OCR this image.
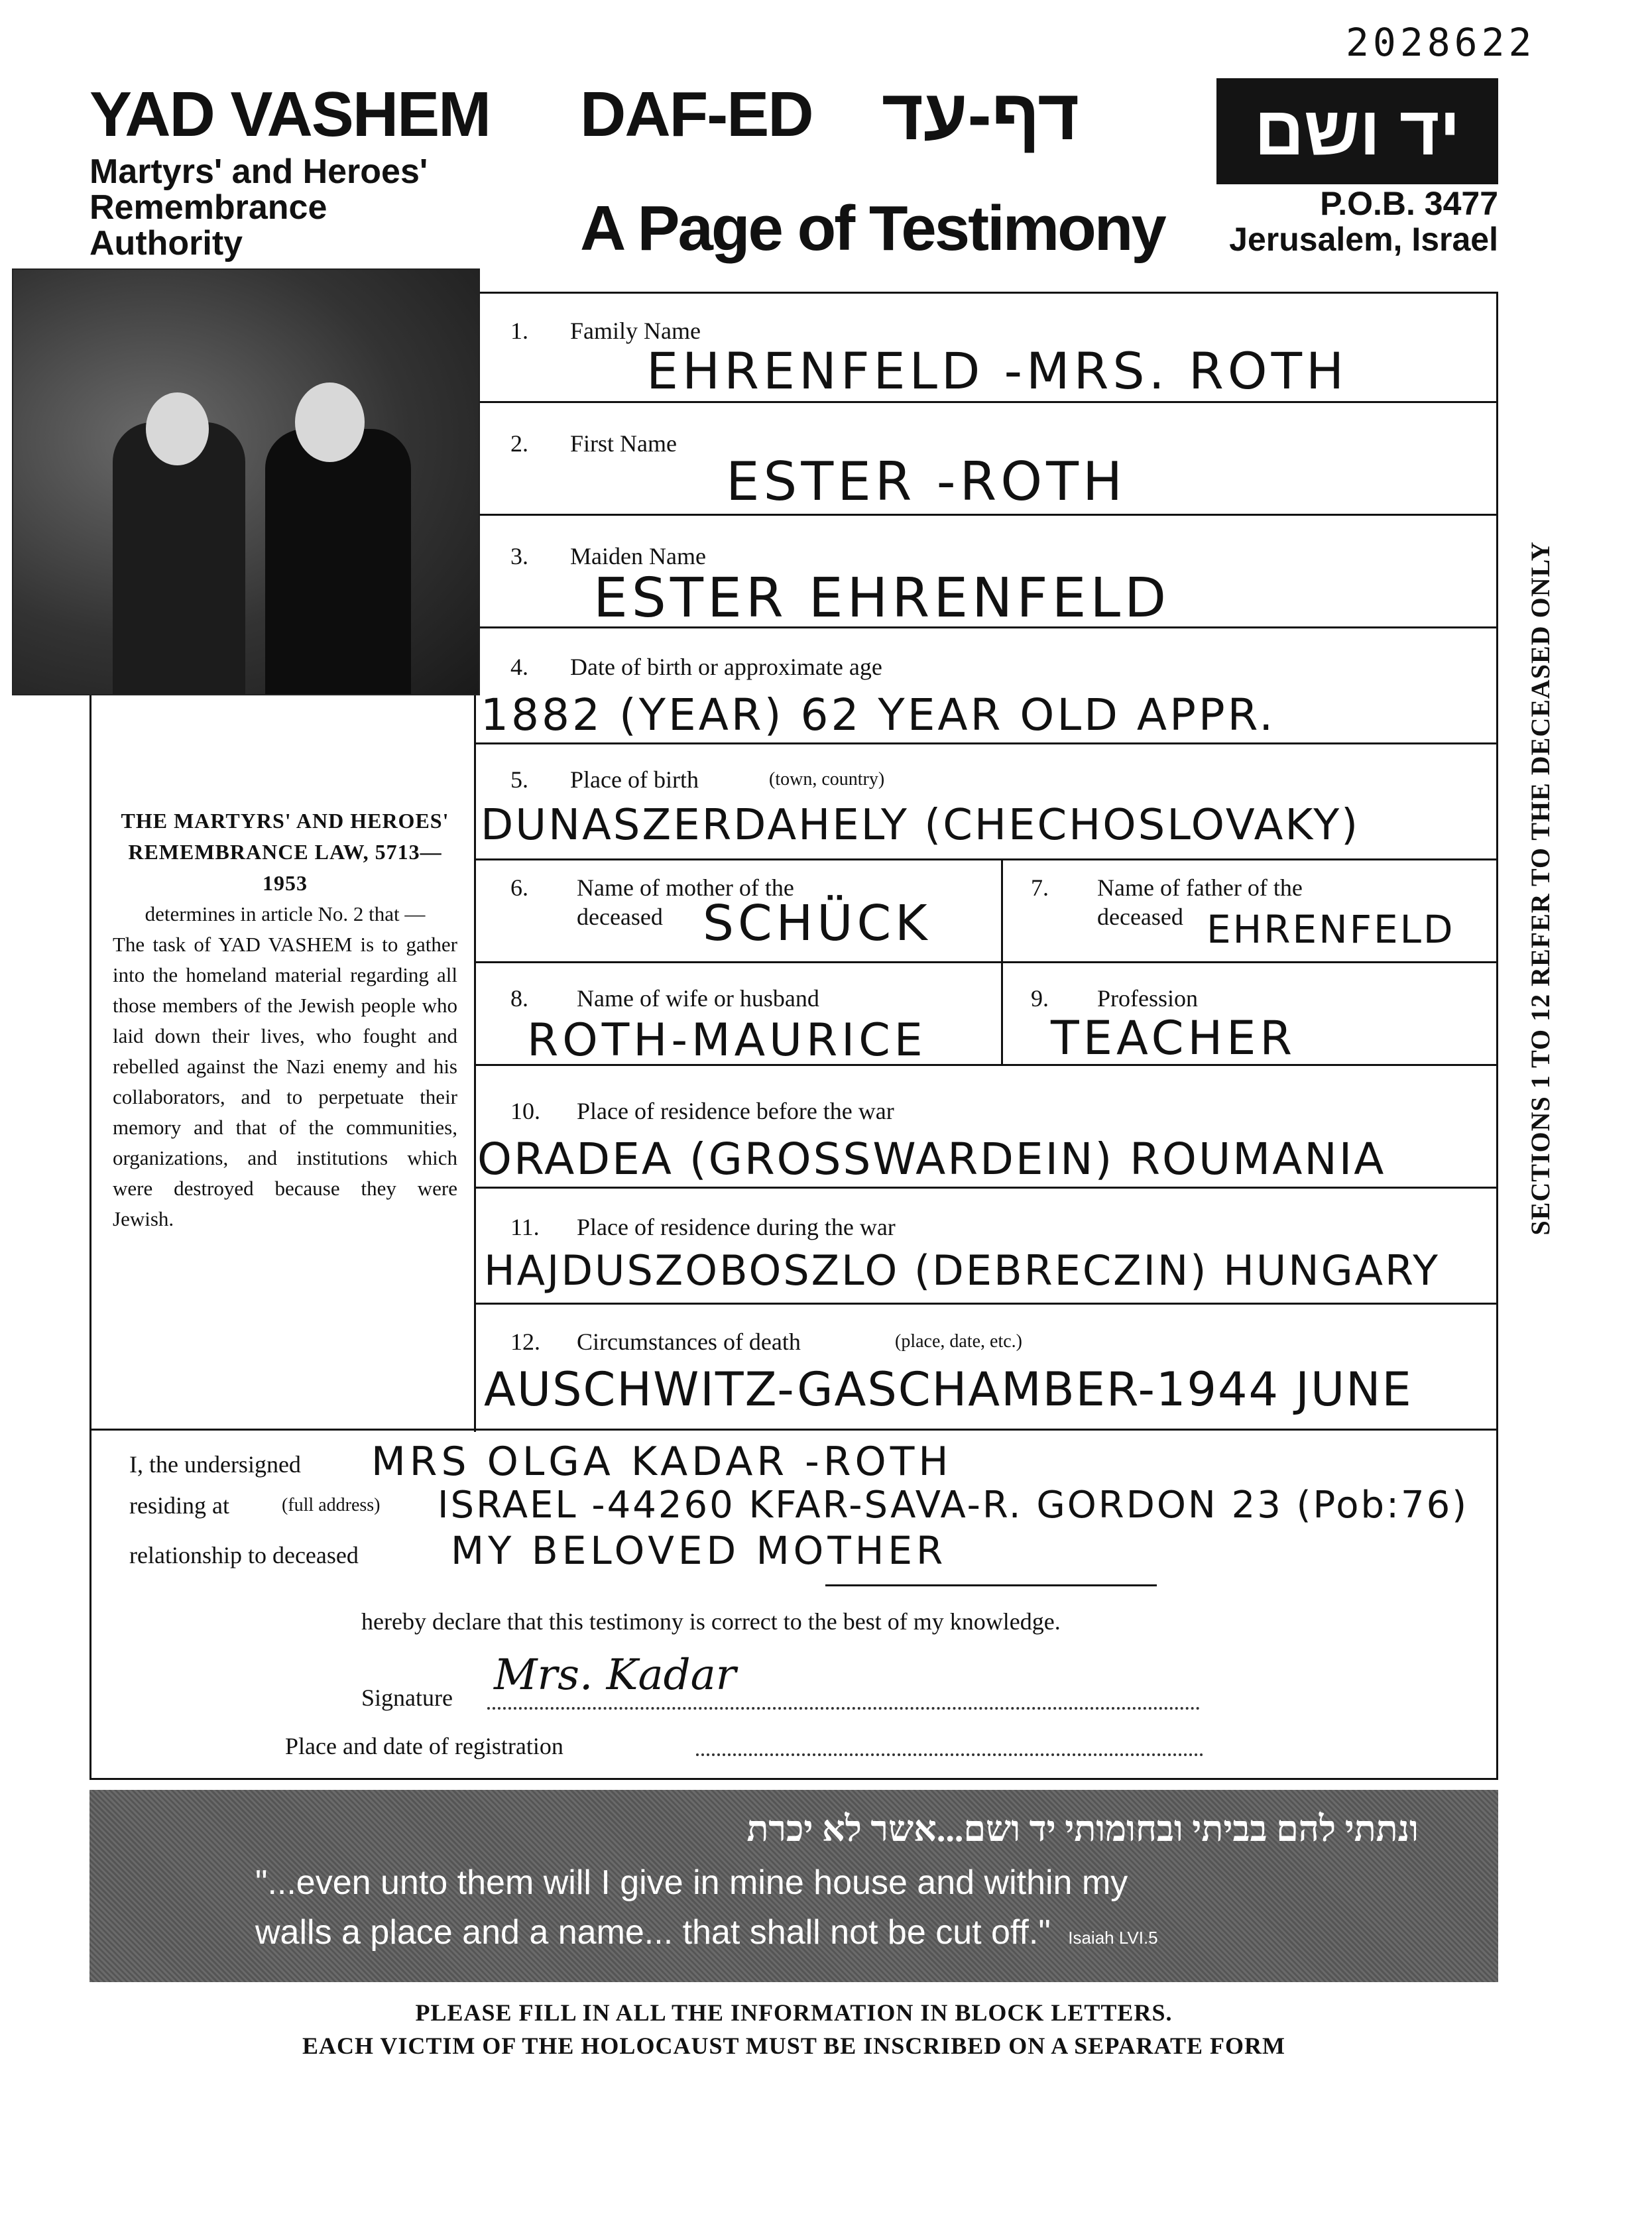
2028622
YAD VASHEM
Martyrs' and Heroes'
Remembrance
Authority
DAF-ED דף-עד	יד ושם
A Page of Testimony	P.O.B. 3477
Jerusalem, Israel
SECTIONS 1 TO 12 REFER TO THE DECEASED ONLY
THE MARTYRS' AND HEROES' REMEMBRANCE LAW, 5713—1953
determines in article No. 2 that —
The task of YAD VASHEM is to gather into the homeland material regarding all those members of the Jewish people who laid down their lives, who fought and rebelled against the Nazi enemy and his collaborators, and to perpetuate their memory and that of the communities, organizations, and institutions which were destroyed because they were Jewish.
1. Family Name
EHRENFELD -MRS. ROTH
2. First Name
ESTER -ROTH
3. Maiden Name
ESTER EHRENFELD
4. Date of birth or approximate age
1882 (YEAR) 62 YEAR OLD APPR.
5. Place of birth	(town, country)
DUNASZERDAHELY (CHECHOSLOVAKY)
6. Name of mother of the
deceased SCHÜCK
7. Name of father of the
deceased EHRENFELD
8. Name of wife or husband
ROTH-MAURICE
9. Profession
TEACHER
10. Place of residence before the war
ORADEA (GROSSWARDEIN) ROUMANIA
11. Place of residence during the war
HAJDUSZOBOSZLO (DEBRECZIN) HUNGARY
12. Circumstances of death	(place, date, etc.)
AUSCHWITZ-GASCHAMBER-1944 JUNE
I, the undersigned MRS OLGA KADAR -ROTH
residing at	(full address) ISRAEL -44260 KFAR-SAVA-R. GORDON 23 (Pob:76)
relationship to deceased MY BELOVED MOTHER
hereby declare that this testimony is correct to the best of my knowledge.
Signature Mrs. Kadar
Place and date of registration
ונתתי להם בביתי ובחומותי יד ושם...אשר לא יכרת
"...even unto them will I give in mine house and within my
walls a place and a name... that shall not be cut off." Isaiah LVI.5
PLEASE FILL IN ALL THE INFORMATION IN BLOCK LETTERS.
EACH VICTIM OF THE HOLOCAUST MUST BE INSCRIBED ON A SEPARATE FORM
